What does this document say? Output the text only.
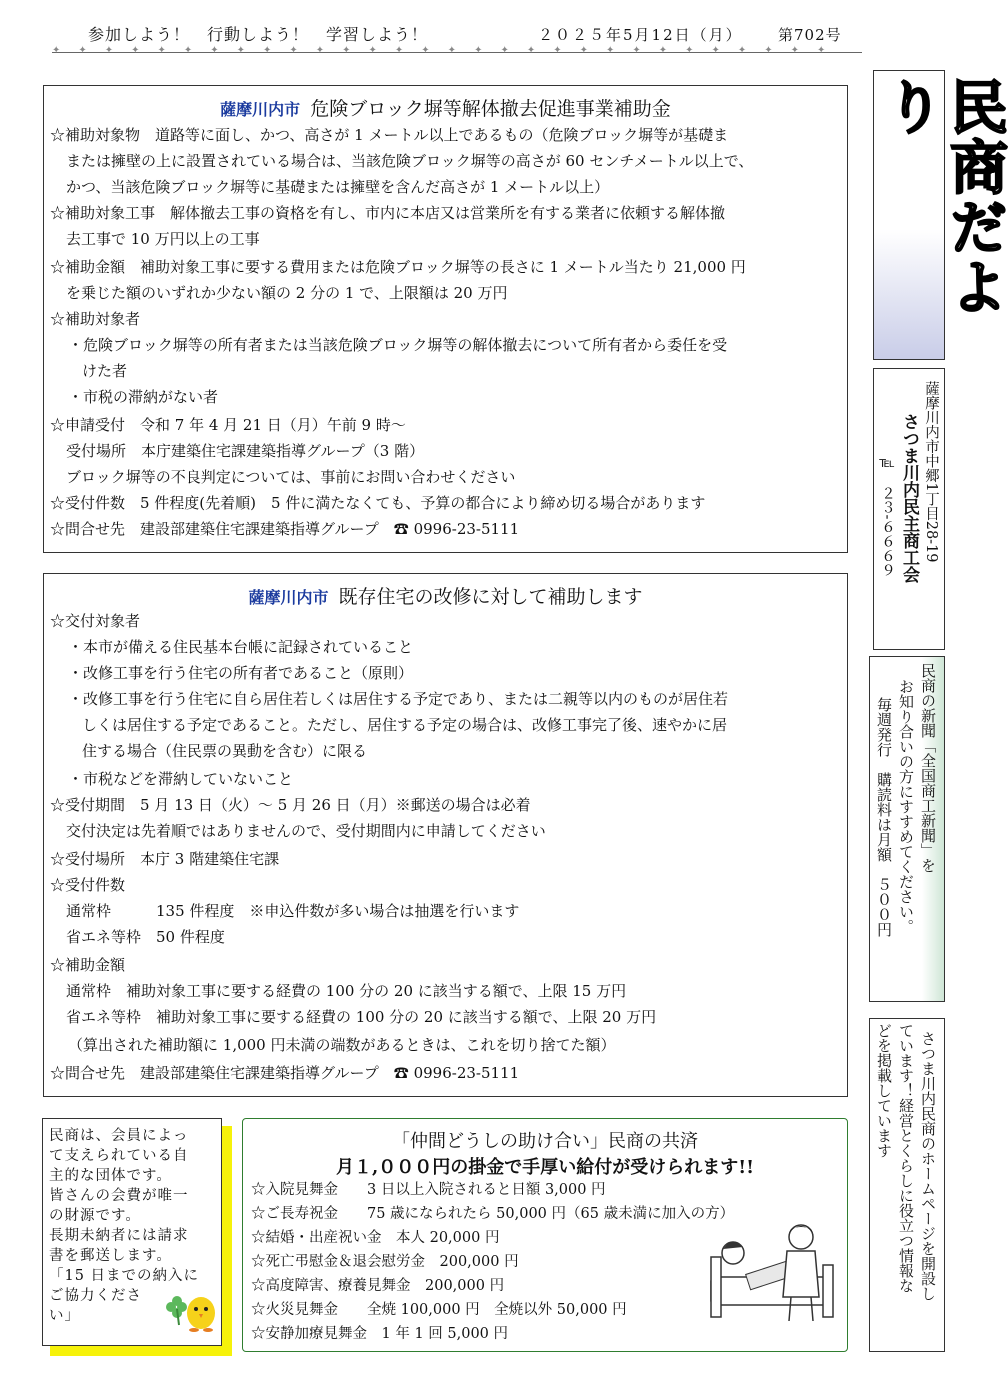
参加しよう！　行動しよう！　学習しよう！	２０２５年5月12日（月） 第702号
✦✦✦✦✦✦✦✦✦✦✦✦✦✦✦✦✦✦✦✦✦✦✦✦✦✦✦✦✦✦
薩摩川内市 危険ブロック塀等解体撤去促進事業補助金
☆補助対象物　道路等に面し、かつ、高さが 1 メートル以上であるもの（危険ブロック塀等が基礎ま
または擁壁の上に設置されている場合は、当該危険ブロック塀等の高さが 60 センチメートル以上で、
かつ、当該危険ブロック塀等に基礎または擁壁を含んだ高さが 1 メートル以上）
☆補助対象工事　解体撤去工事の資格を有し、市内に本店又は営業所を有する業者に依頼する解体撤
去工事で 10 万円以上の工事
☆補助金額　補助対象工事に要する費用または危険ブロック塀等の長さに 1 メートル当たり 21,000 円
を乗じた額のいずれか少ない額の 2 分の 1 で、上限額は 20 万円
☆補助対象者
・危険ブロック塀等の所有者または当該危険ブロック塀等の解体撤去について所有者から委任を受
けた者
・市税の滞納がない者
☆申請受付　令和 7 年 4 月 21 日（月）午前 9 時～
受付場所　本庁建築住宅課建築指導グループ（3 階）
ブロック塀等の不良判定については、事前にお問い合わせください
☆受付件数　5 件程度(先着順)　5 件に満たなくても、予算の都合により締め切る場合があります
☆問合せ先　建設部建築住宅課建築指導グループ　☎ 0996-23-5111
薩摩川内市 既存住宅の改修に対して補助します
☆交付対象者
・本市が備える住民基本台帳に記録されていること
・改修工事を行う住宅の所有者であること（原則）
・改修工事を行う住宅に自ら居住若しくは居住する予定であり、または二親等以内のものが居住若
しくは居住する予定であること。ただし、居住する予定の場合は、改修工事完了後、速やかに居
住する場合（住民票の異動を含む）に限る
・市税などを滞納していないこと
☆受付期間　5 月 13 日（火）～ 5 月 26 日（月）※郵送の場合は必着
交付決定は先着順ではありませんので、受付期間内に申請してください
☆受付場所　本庁 3 階建築住宅課
☆受付件数
通常枠　　　135 件程度　※申込件数が多い場合は抽選を行います
省エネ等枠　50 件程度
☆補助金額
通常枠　補助対象工事に要する経費の 100 分の 20 に該当する額で、上限 15 万円
省エネ等枠　補助対象工事に要する経費の 100 分の 20 に該当する額で、上限 20 万円
（算出された補助額に 1,000 円未満の端数があるときは、これを切り捨てた額）
☆問合せ先　建設部建築住宅課建築指導グループ　☎ 0996-23-5111
民商だより
薩摩川内市中郷1丁目28‐19
さつま川内民主商工会
℡　２３‐６６６９
民商の新聞「全国商工新聞」を
お知り合いの方にすすめてください。
毎週発行　購読料は月額　５００円
さつま川内民商のホームページを開設し
ています！経営とくらしに役立つ情報な
どを掲載しています
民商は、会員によっ
て支えられている自
主的な団体です。
皆さんの会費が唯一
の財源です。
長期未納者には請求
書を郵送します。
「15 日までの納入に
ご協力くださ
い」
「仲間どうしの助け合い」民商の共済
月１,０００円の掛金で手厚い給付が受けられます!!
☆入院見舞金　　3 日以上入院されると日額 3,000 円
☆ご長寿祝金　　75 歳になられたら 50,000 円（65 歳未満に加入の方）
☆結婚・出産祝い金　本人 20,000 円
☆死亡弔慰金＆退会慰労金　200,000 円
☆高度障害、療養見舞金　200,000 円
☆火災見舞金　　全焼 100,000 円　全焼以外 50,000 円
☆安静加療見舞金　1 年 1 回 5,000 円
